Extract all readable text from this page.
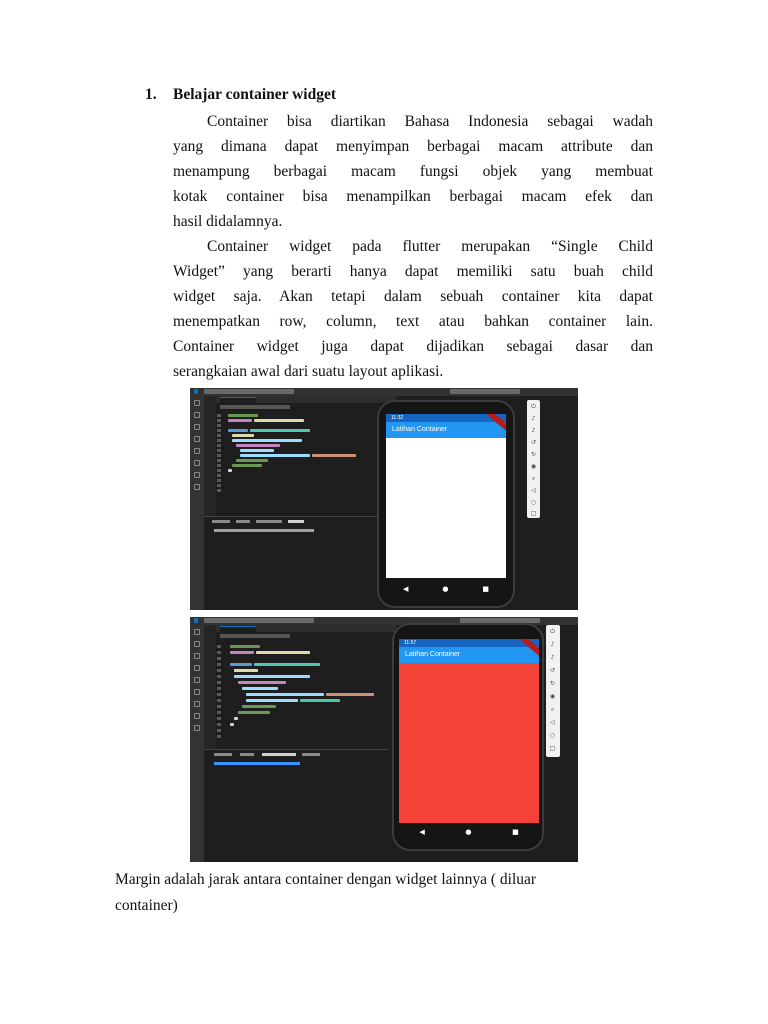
1. Belajar container widget
Container bisa diartikan Bahasa Indonesia sebagai wadah
yang dimana dapat menyimpan berbagai macam attribute dan
menampung berbagai macam fungsi objek yang membuat
kotak container bisa menampilkan berbagai macam efek dan
hasil didalamnya.
Container widget pada flutter merupakan “Single Child
Widget” yang berarti hanya dapat memiliki satu buah child
widget saja. Akan tetapi dalam sebuah container kita dapat
menempatkan row, column, text atau bahkan container lain.
Container widget juga dapat dijadikan sebagai dasar dan
serangkaian awal dari suatu layout aplikasi.
11:32
Latihan Container
◀	●	■
⏻
♪
♪
↺
↻
◉
⌕
◁
○
□
11:57
Latihan Container
◀	●	■
⏻
♪
♪
↺
↻
◉
⌕
◁
○
□
Margin adalah jarak antara container dengan widget lainnya ( diluar
container)
